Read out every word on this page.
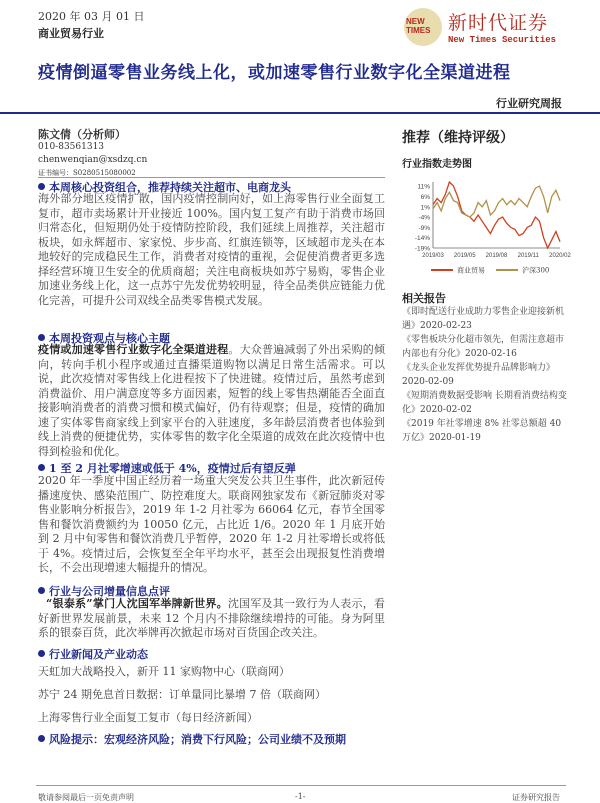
2020 年 03 月 01 日
商业贸易行业
NEW
TIMES 新时代证券
New Times Securities
疫情倒逼零售业务线上化，或加速零售行业数字化全渠道进程
行业研究周报
陈文倩（分析师）
010-83561313
chenwenqian@xsdzq.cn
证书编号：S0280515080002
本周核心投资组合，推荐持续关注超市、电商龙头
海外部分地区疫情扩散，国内疫情控制向好，如上海零售行业全面复工复市，超市卖场累计开业接近 100%。国内复工复产有助于消费市场回归常态化，但短期仍处于疫情防控阶段，我们延续上周推荐，关注超市板块，如永辉超市、家家悦、步步高、红旗连锁等，区域超市龙头在本地较好的完成稳民生工作，消费者对疫情的重视，会促使消费者更多选择经营环境卫生安全的优质商超；关注电商板块如苏宁易购，零售企业加速业务线上化，这一点苏宁先发优势较明显，待全品类供应链能力优化完善，可提升公司双线全品类零售模式发展。
本周投资观点与核心主题
疫情或加速零售行业数字化全渠道进程。大众普遍减弱了外出采购的倾向，转向手机小程序或通过直播渠道购物以满足日常生活需求。可以说，此次疫情对零售线上化进程按下了快进键。疫情过后，虽然考虑到消费溢价、用户满意度等多方面因素，短暂的线上零售热潮能否全面直接影响消费者的消费习惯和模式偏好，仍有待观察；但是，疫情的确加速了实体零售商家线上到家平台的入驻速度，多年龄层消费者也体验到线上消费的便捷优势，实体零售的数字化全渠道的成效在此次疫情中也得到检验和优化。
1 至 2 月社零增速或低于 4%，疫情过后有望反弹
2020 年一季度中国正经历着一场重大突发公共卫生事件，此次新冠传播速度快、感染范围广、防控难度大。联商网独家发布《新冠肺炎对零售业影响分析报告》，2019 年 1-2 月社零为 66064 亿元，春节全国零售和餐饮消费额约为 10050 亿元，占比近 1/6。2020 年 1 月底开始到 2 月中旬零售和餐饮消费几乎暂停，2020 年 1-2 月社零增长或将低于 4%。疫情过后，会恢复至全年平均水平，甚至会出现报复性消费增长，不会出现增速大幅提升的情况。
行业与公司增量信息点评
“银泰系”掌门人沈国军举牌新世界。沈国军及其一致行为人表示，看好新世界发展前景，未来 12 个月内不排除继续增持的可能。身为阿里系的银泰百货，此次举牌再次掀起市场对百货国企改关注。
行业新闻及产业动态
天虹加大战略投入，新开 11 家购物中心（联商网）
苏宁 24 期免息首日数据：订单量同比暴增 7 倍（联商网）
上海零售行业全面复工复市（每日经济新闻）
风险提示：宏观经济风险；消费下行风险；公司业绩不及预期
推荐（维持评级）
行业指数走势图
11%
6%
1%
-4%
-9%
-14%
-19%
2019/03 2019/05 2019/08 2019/11 2020/02
商业贸易	沪深300
相关报告
《即时配送行业成助力零售企业迎接新机遇》2020-02-23
《零售板块分化超市领先，但需注意超市内部也有分化》2020-02-16
《龙头企业发挥优势提升品牌影响力》2020-02-09
《短期消费数据受影响 长期看消费结构变化》2020-02-02
《2019 年社零增速 8% 社零总额超 40 万亿》2020-01-19
敬请参阅最后一页免责声明	-1-	证券研究报告
